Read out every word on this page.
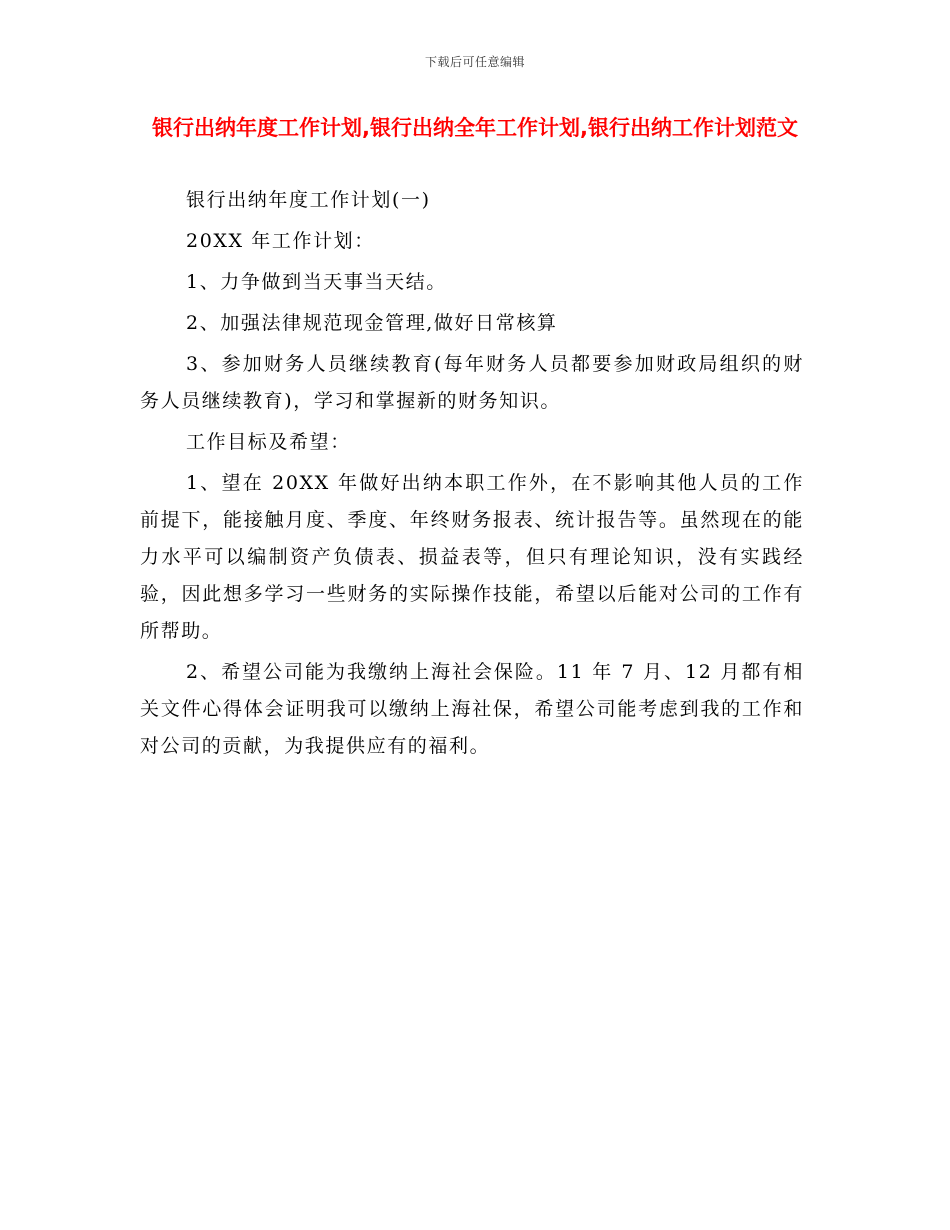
下载后可任意编辑
银行出纳年度工作计划,银行出纳全年工作计划,银行出纳工作计划范文

银行出纳年度工作计划(一)

20XX 年工作计划：

1、力争做到当天事当天结。

2、加强法律规范现金管理,做好日常核算

3、参加财务人员继续教育(每年财务人员都要参加财政局组织的财务人员继续教育)，学习和掌握新的财务知识。

工作目标及希望：

1、望在 20XX 年做好出纳本职工作外，在不影响其他人员的工作前提下，能接触月度、季度、年终财务报表、统计报告等。虽然现在的能力水平可以编制资产负债表、损益表等，但只有理论知识，没有实践经验，因此想多学习一些财务的实际操作技能，希望以后能对公司的工作有所帮助。

2、希望公司能为我缴纳上海社会保险。11 年 7 月、12 月都有相关文件心得体会证明我可以缴纳上海社保，希望公司能考虑到我的工作和对公司的贡献，为我提供应有的福利。
